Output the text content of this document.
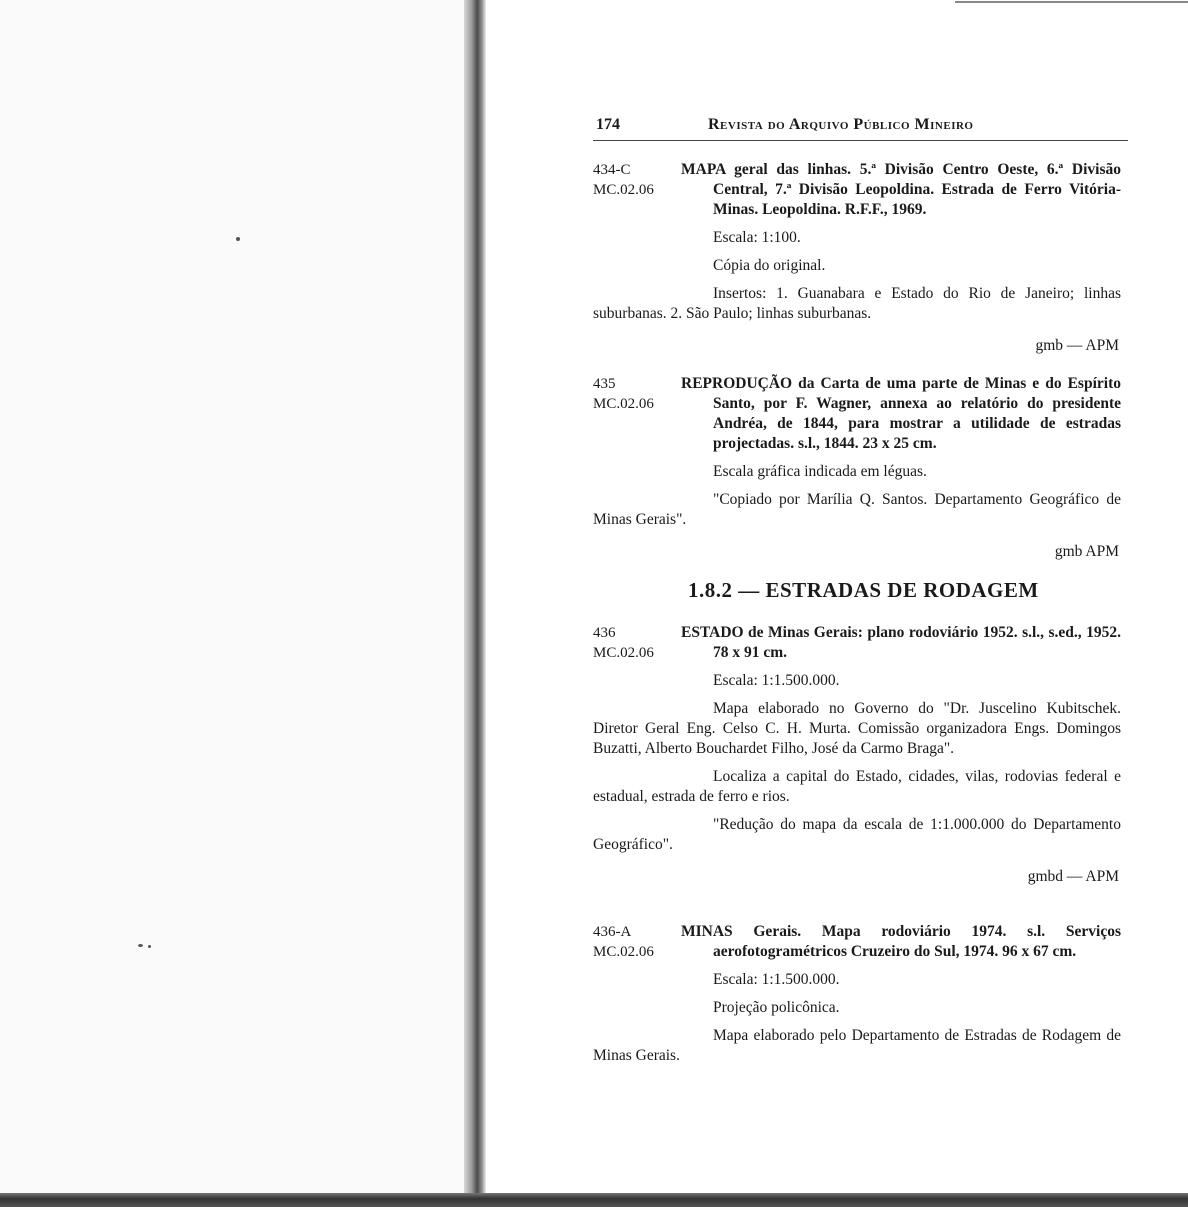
174	Revista do Arquivo Público Mineiro
434-C
MC.02.06

MAPA geral das linhas. 5.ª Divisão Centro Oeste, 6.ª Divisão Central, 7.ª Divisão Leopoldina. Estrada de Ferro Vitória-Minas. Leopoldina. R.F.F., 1969.

Escala: 1:100.

Cópia do original.

Insertos: 1. Guanabara e Estado do Rio de Janeiro; linhas suburbanas. 2. São Paulo; linhas suburbanas.

gmb — APM

435
MC.02.06

REPRODUÇÃO da Carta de uma parte de Minas e do Espírito Santo, por F. Wagner, annexa ao relatório do presidente Andréa, de 1844, para mostrar a utilidade de estradas projectadas. s.l., 1844. 23 x 25 cm.

Escala gráfica indicada em léguas.

"Copiado por Marília Q. Santos. Departamento Geográfico de Minas Gerais".

gmb APM

1.8.2 — ESTRADAS DE RODAGEM
436
MC.02.06

ESTADO de Minas Gerais: plano rodoviário 1952. s.l., s.ed., 1952. 78 x 91 cm.

Escala: 1:1.500.000.

Mapa elaborado no Governo do "Dr. Juscelino Kubitschek. Diretor Geral Eng. Celso C. H. Murta. Comissão organizadora Engs. Domingos Buzatti, Alberto Bouchardet Filho, José da Carmo Braga".

Localiza a capital do Estado, cidades, vilas, rodovias federal e estadual, estrada de ferro e rios.

"Redução do mapa da escala de 1:1.000.000 do Departamento Geográfico".

gmbd — APM

436-A
MC.02.06

MINAS Gerais. Mapa rodoviário 1974. s.l. Serviços aerofotogramétricos Cruzeiro do Sul, 1974. 96 x 67 cm.

Escala: 1:1.500.000.

Projeção policônica.

Mapa elaborado pelo Departamento de Estradas de Rodagem de Minas Gerais.
